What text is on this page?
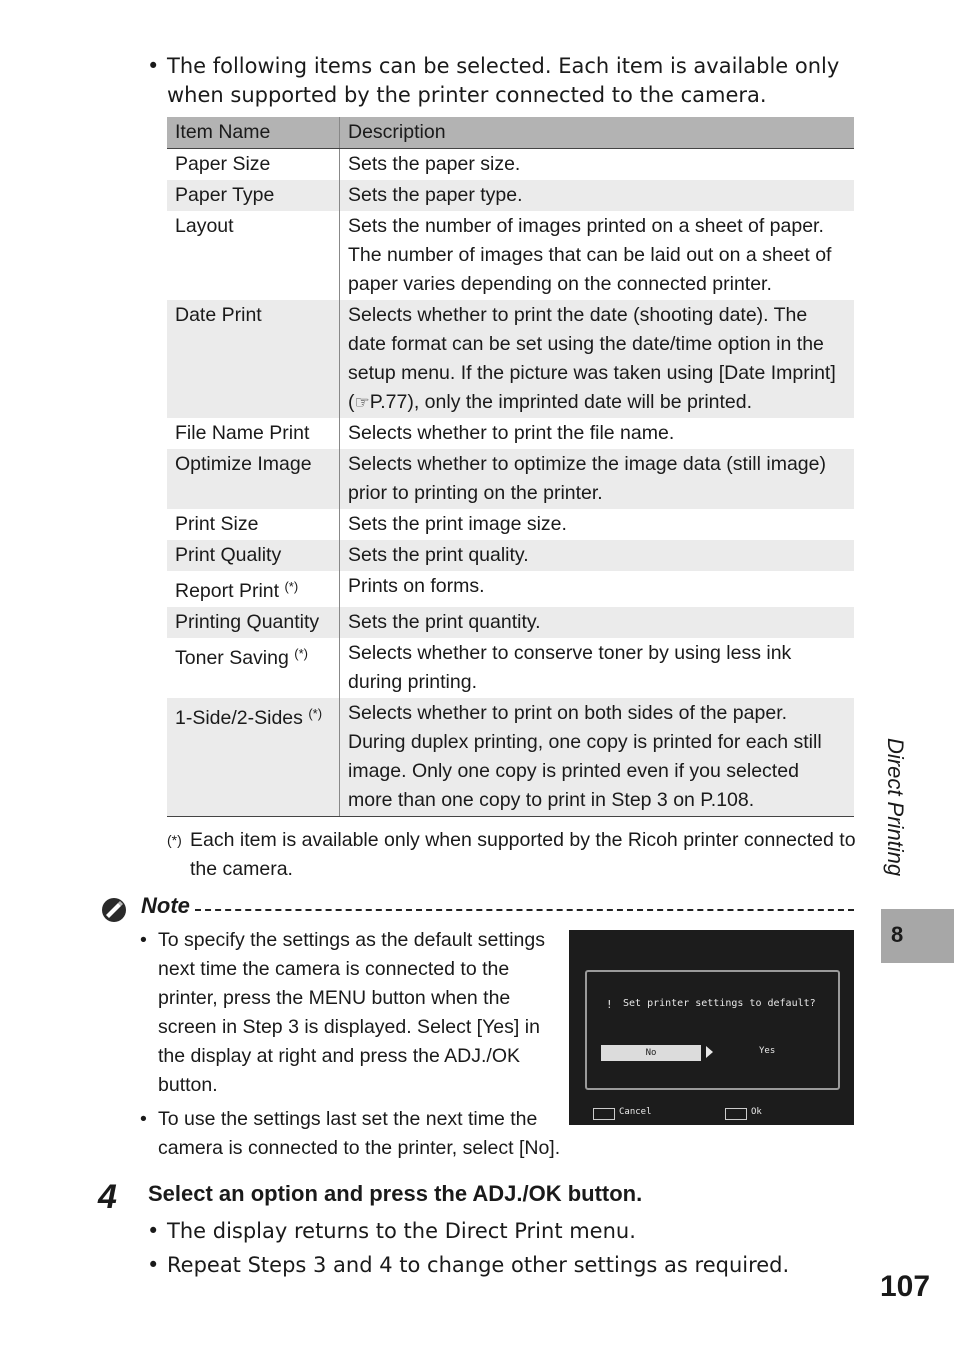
• The following items can be selected. Each item is available only when supported by the printer connected to the camera.
Item Name	Description
Paper Size	Sets the paper size.
Paper Type	Sets the paper type.
Layout	Sets the number of images printed on a sheet of paper. The number of images that can be laid out on a sheet of paper varies depending on the connected printer.
Date Print	Selects whether to print the date (shooting date). The date format can be set using the date/time option in the setup menu. If the picture was taken using [Date Imprint] (☞P.77), only the imprinted date will be printed.
File Name Print	Selects whether to print the file name.
Optimize Image	Selects whether to optimize the image data (still image) prior to printing on the printer.
Print Size	Sets the print image size.
Print Quality	Sets the print quality.
Report Print (*)	Prints on forms.
Printing Quantity	Sets the print quantity.
Toner Saving (*)	Selects whether to conserve toner by using less ink during printing.
1-Side/2-Sides (*)	Selects whether to print on both sides of the paper. During duplex printing, one copy is printed for each still image. Only one copy is printed even if you selected more than one copy to print in Step 3 on P.108.
(*) Each item is available only when supported by the Ricoh printer connected to the camera.
Note
• To specify the settings as the default settings next time the camera is connected to the printer, press the MENU button when the screen in Step 3 is displayed. Select [Yes] in the display at right and press the ADJ./OK button.
• To use the settings last set the next time the camera is connected to the printer, select [No].
! Set printer settings to default?
No	Yes
Cancel	Ok
4 Select an option and press the ADJ./OK button.
• The display returns to the Direct Print menu.
• Repeat Steps 3 and 4 to change other settings as required.
Direct Printing
8
107
